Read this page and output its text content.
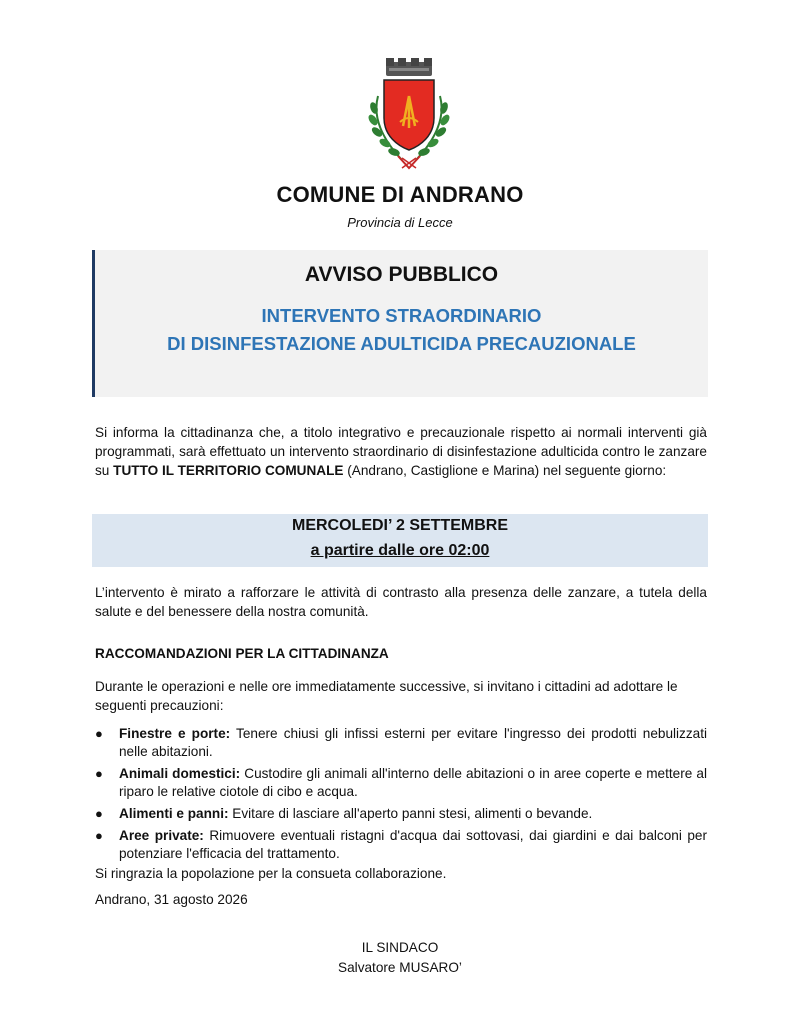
COMUNE DI ANDRANO
Provincia di Lecce
AVVISO PUBBLICO
INTERVENTO STRAORDINARIO
DI DISINFESTAZIONE ADULTICIDA PRECAUZIONALE
Si informa la cittadinanza che, a titolo integrativo e precauzionale rispetto ai normali interventi già programmati, sarà effettuato un intervento straordinario di disinfestazione adulticida contro le zanzare su TUTTO IL TERRITORIO COMUNALE (Andrano, Castiglione e Marina) nel seguente giorno:
MERCOLEDI’ 2 SETTEMBRE
a partire dalle ore 02:00
L’intervento è mirato a rafforzare le attività di contrasto alla presenza delle zanzare, a tutela della salute e del benessere della nostra comunità.
RACCOMANDAZIONI PER LA CITTADINANZA
Durante le operazioni e nelle ore immediatamente successive, si invitano i cittadini ad adottare le seguenti precauzioni:
● Finestre e porte: Tenere chiusi gli infissi esterni per evitare l'ingresso dei prodotti nebulizzati nelle abitazioni.
● Animali domestici: Custodire gli animali all'interno delle abitazioni o in aree coperte e mettere al riparo le relative ciotole di cibo e acqua.
● Alimenti e panni: Evitare di lasciare all'aperto panni stesi, alimenti o bevande.
● Aree private: Rimuovere eventuali ristagni d'acqua dai sottovasi, dai giardini e dai balconi per potenziare l'efficacia del trattamento.
Si ringrazia la popolazione per la consueta collaborazione.
Andrano, 31 agosto 2026
IL SINDACO
Salvatore MUSARO’
